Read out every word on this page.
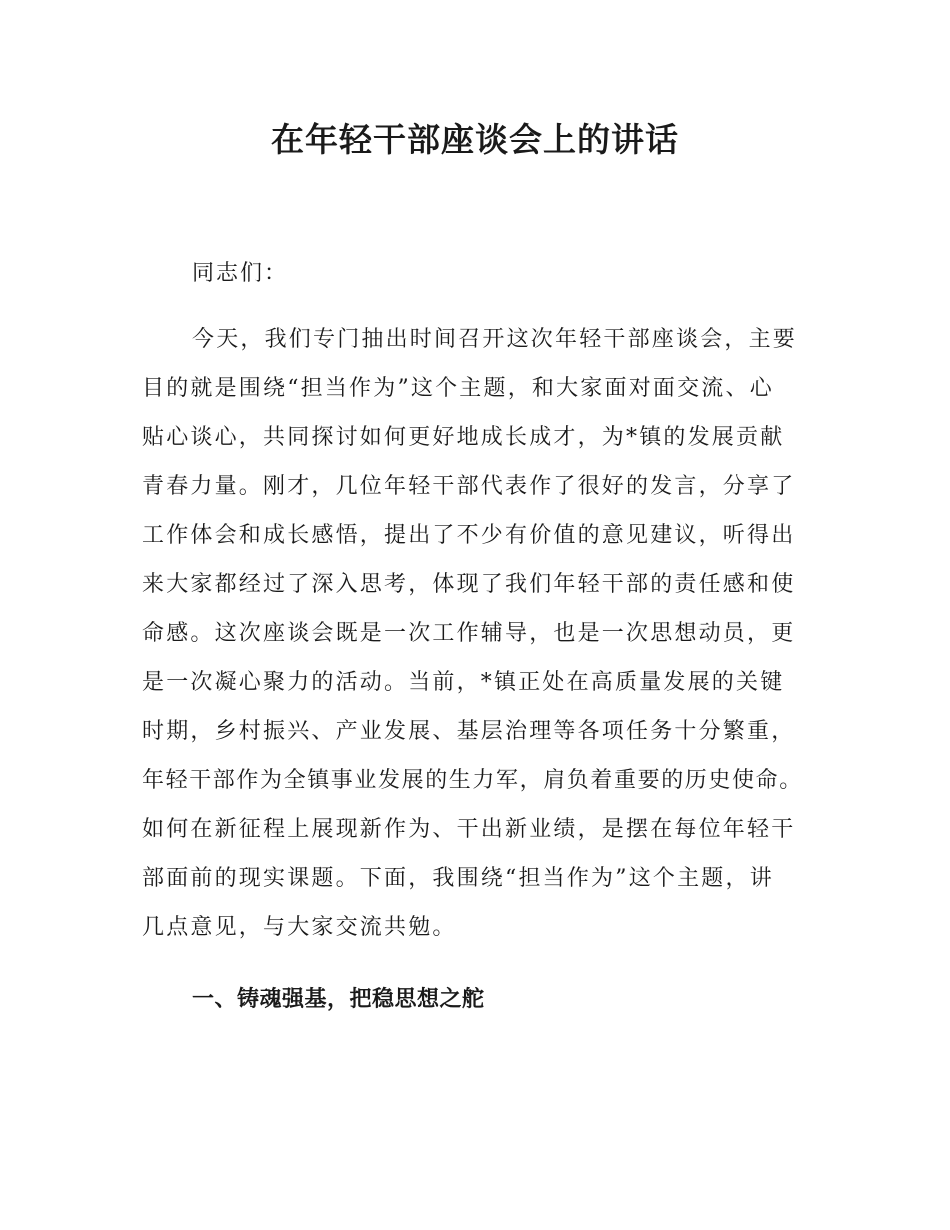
在年轻干部座谈会上的讲话

同志们：

今天，我们专门抽出时间召开这次年轻干部座谈会，主要
目的就是围绕“担当作为”这个主题，和大家面对面交流、心
贴心谈心，共同探讨如何更好地成长成才，为*镇的发展贡献
青春力量。刚才，几位年轻干部代表作了很好的发言，分享了
工作体会和成长感悟，提出了不少有价值的意见建议，听得出
来大家都经过了深入思考，体现了我们年轻干部的责任感和使
命感。这次座谈会既是一次工作辅导，也是一次思想动员，更
是一次凝心聚力的活动。当前，*镇正处在高质量发展的关键
时期，乡村振兴、产业发展、基层治理等各项任务十分繁重，
年轻干部作为全镇事业发展的生力军，肩负着重要的历史使命。
如何在新征程上展现新作为、干出新业绩，是摆在每位年轻干
部面前的现实课题。下面，我围绕“担当作为”这个主题，讲
几点意见，与大家交流共勉。
一、铸魂强基，把稳思想之舵
